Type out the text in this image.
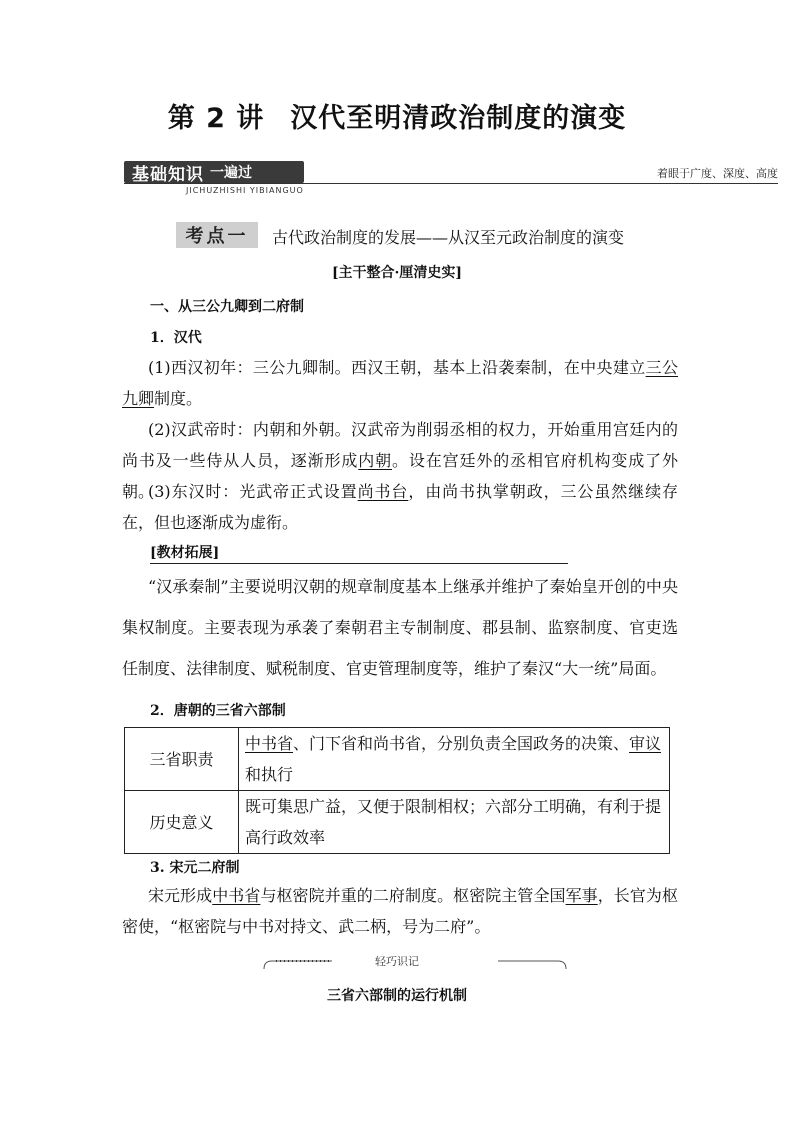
第 2 讲 汉代至明清政治制度的演变
基础知识 一遍过
JICHUZHISHI YIBIANGUO
着眼于广度、深度、高度
考点一	古代政治制度的发展——从汉至元政治制度的演变
[主干整合·厘清史实]
一、从三公九卿到二府制
1．汉代
(1)西汉初年：三公九卿制。西汉王朝，基本上沿袭秦制，在中央建立三公九卿制度。
(2)汉武帝时：内朝和外朝。汉武帝为削弱丞相的权力，开始重用宫廷内的尚书及一些侍从人员，逐渐形成内朝。设在宫廷外的丞相官府机构变成了外朝。
(3)东汉时：光武帝正式设置尚书台，由尚书执掌朝政，三公虽然继续存在，但也逐渐成为虚衔。
[教材拓展]
“汉承秦制”主要说明汉朝的规章制度基本上继承并维护了秦始皇开创的中央集权制度。主要表现为承袭了秦朝君主专制制度、郡县制、监察制度、官吏选任制度、法律制度、赋税制度、官吏管理制度等，维护了秦汉“大一统”局面。
2．唐朝的三省六部制
三省职责	中书省、门下省和尚书省，分别负责全国政务的决策、审议和执行
历史意义	既可集思广益，又便于限制相权；六部分工明确，有利于提高行政效率
3. 宋元二府制
宋元形成中书省与枢密院并重的二府制度。枢密院主管全国军事，长官为枢密使，“枢密院与中书对持文、武二柄，号为二府”。
轻巧识记
三省六部制的运行机制
